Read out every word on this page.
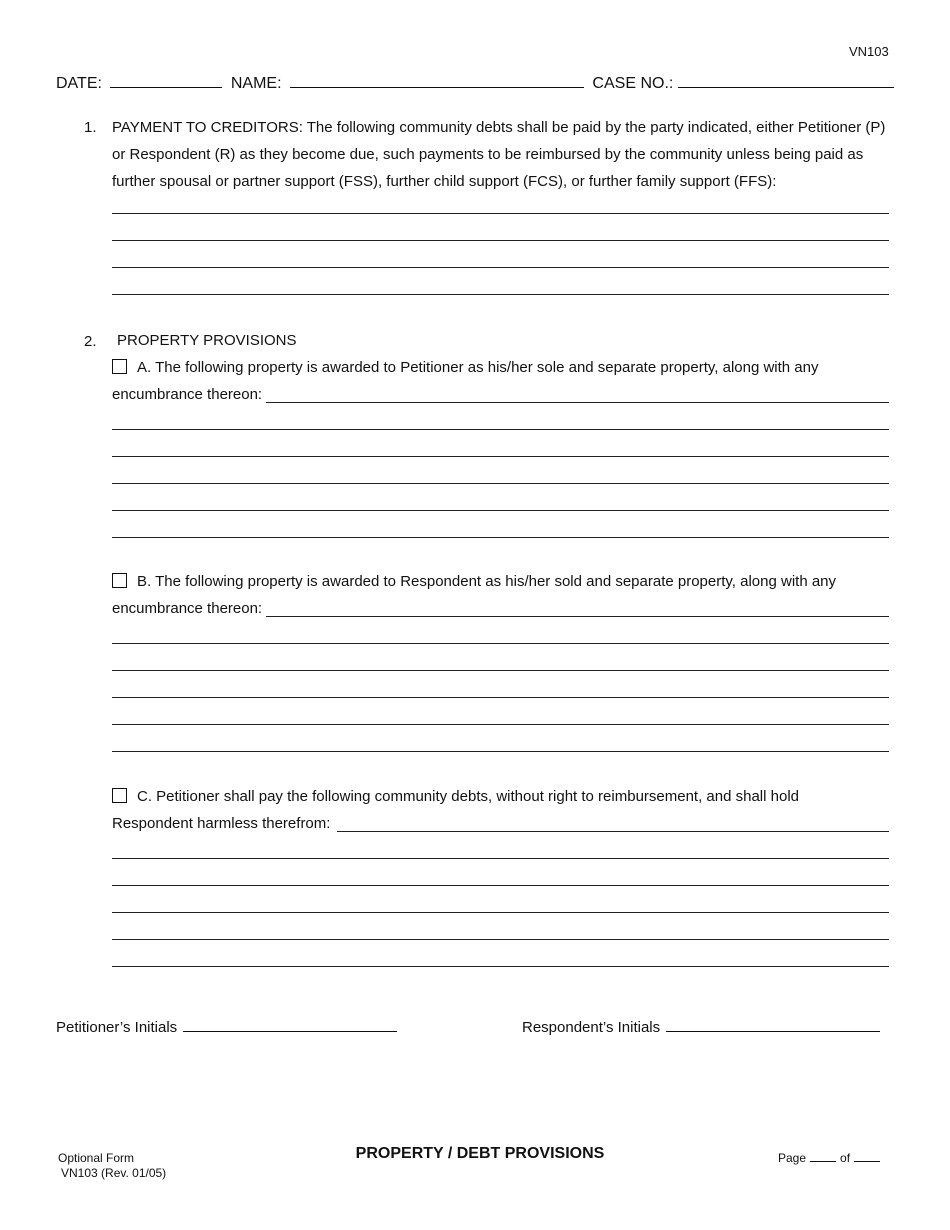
VN103
DATE:	NAME:	CASE NO.:
1. PAYMENT TO CREDITORS: The following community debts shall be paid by the party indicated, either Petitioner (P) or Respondent (R) as they become due, such payments to be reimbursed by the community unless being paid as further spousal or partner support (FSS), further child support (FCS), or further family support (FFS):
2. PROPERTY PROVISIONS
A. The following property is awarded to Petitioner as his/her sole and separate property, along with any
encumbrance thereon:
B. The following property is awarded to Respondent as his/her sold and separate property, along with any
encumbrance thereon:
C. Petitioner shall pay the following community debts, without right to reimbursement, and shall hold
Respondent harmless therefrom:
Petitioner’s Initials	Respondent’s Initials
Optional Form
VN103 (Rev. 01/05)
PROPERTY / DEBT PROVISIONS	Page	of
